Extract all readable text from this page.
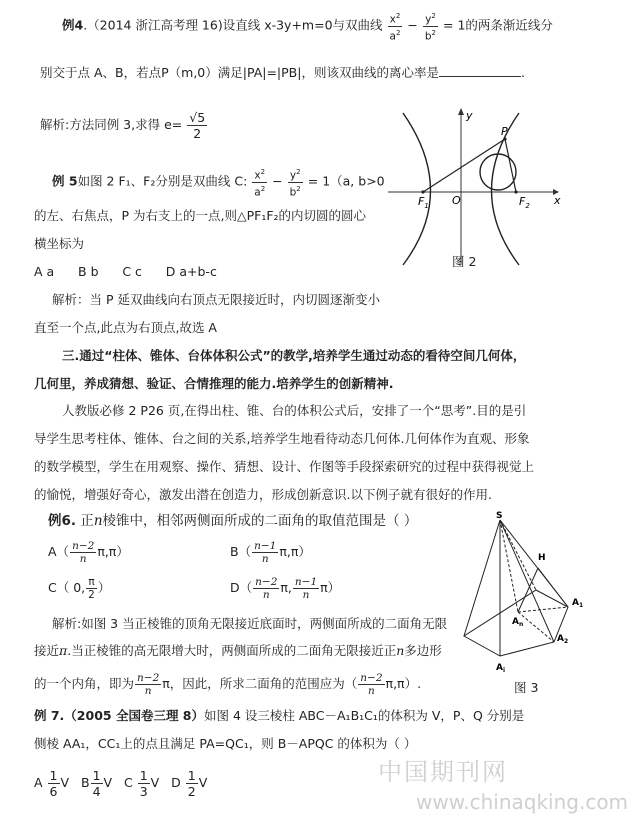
例4.（2014 浙江高考理 16)设直线 x-3y+m=0与双曲线 $\frac{x^2}{a^2} - \frac{y^2}{b^2} = 1$的两条渐近线分
别交于点 A、B，若点P（m,0）满足|PA|=|PB|，则该双曲线的离心率是	.
解析:方法同例 3,求得 $e= \frac{√5}{2}$
例 5如图 2 F₁、F₂分别是双曲线 C: $\frac{x^2}{a^2} - \frac{y^2}{b^2} = 1(a$, b>0
的左、右焦点，P 为右支上的一点,则△PF₁F₂的内切圆的圆心
横坐标为
A a      B b      C c      D a+b-c
解析：当 P 延双曲线向右顶点无限接近时，内切圆逐渐变小
直至一个点,此点为右顶点,故选 A
y
x
O
$F_1$	$F_2$
P
图 2
三.通过“柱体、锥体、台体体积公式”的教学,培养学生通过动态的看待空间几何体，
几何里，养成猜想、验证、合情推理的能力.培养学生的创新精神.
人教版必修 2 P26 页,在得出柱、锥、台的体积公式后，安排了一个“思考”.目的是引
导学生思考柱体、锥体、台之间的关系,培养学生地看待动态几何体.几何体作为直观、形象
的数学模型，学生在用观察、操作、猜想、设计、作图等手段探索研究的过程中获得视觉上
的愉悦，增强好奇心，激发出潜在创造力，形成创新意识.以下例子就有很好的作用.
例6. 正n棱锥中，相邻两侧面所成的二面角的取值范围是（ ）
$A( \frac{n-2}{n} \pi,\pi)$	$B( \frac{n-1}{n} \pi,\pi)$
C（ 0, $\frac{\pi}{2}$ ）	$D( \frac{n-2}{n} \pi$, $\frac{n-1}{n} \pi$）
解析:如图 3 当正棱锥的顶角无限接近底面时，两侧面所成的二面角无限
接近π.当正棱锥的高无限增大时，两侧面所成的二面角无限接近正n多边形
的一个内角，即为 $\frac{n-2}{n}$ π，因此，所求二面角的范围应为（ $\frac{n-2}{n} \pi,\pi$）.
S
H
$A_1$
$A_2$
$A_n$
$A_i$
图 3
例 7.（2005 全国卷三理 8）如图 4 设三棱柱 ABC－A₁B₁C₁的体积为 V，P、Q 分别是
侧棱 AA₁，CC₁上的点且满足 PA=QC₁，则 B－APQC 的体积为（ ）
A $\frac{1}{6}$ V B $\frac{1}{4}$ V C $\frac{1}{3}$ V D $\frac{1}{2}$ V	中国期刊网
www.chinaqking.com
